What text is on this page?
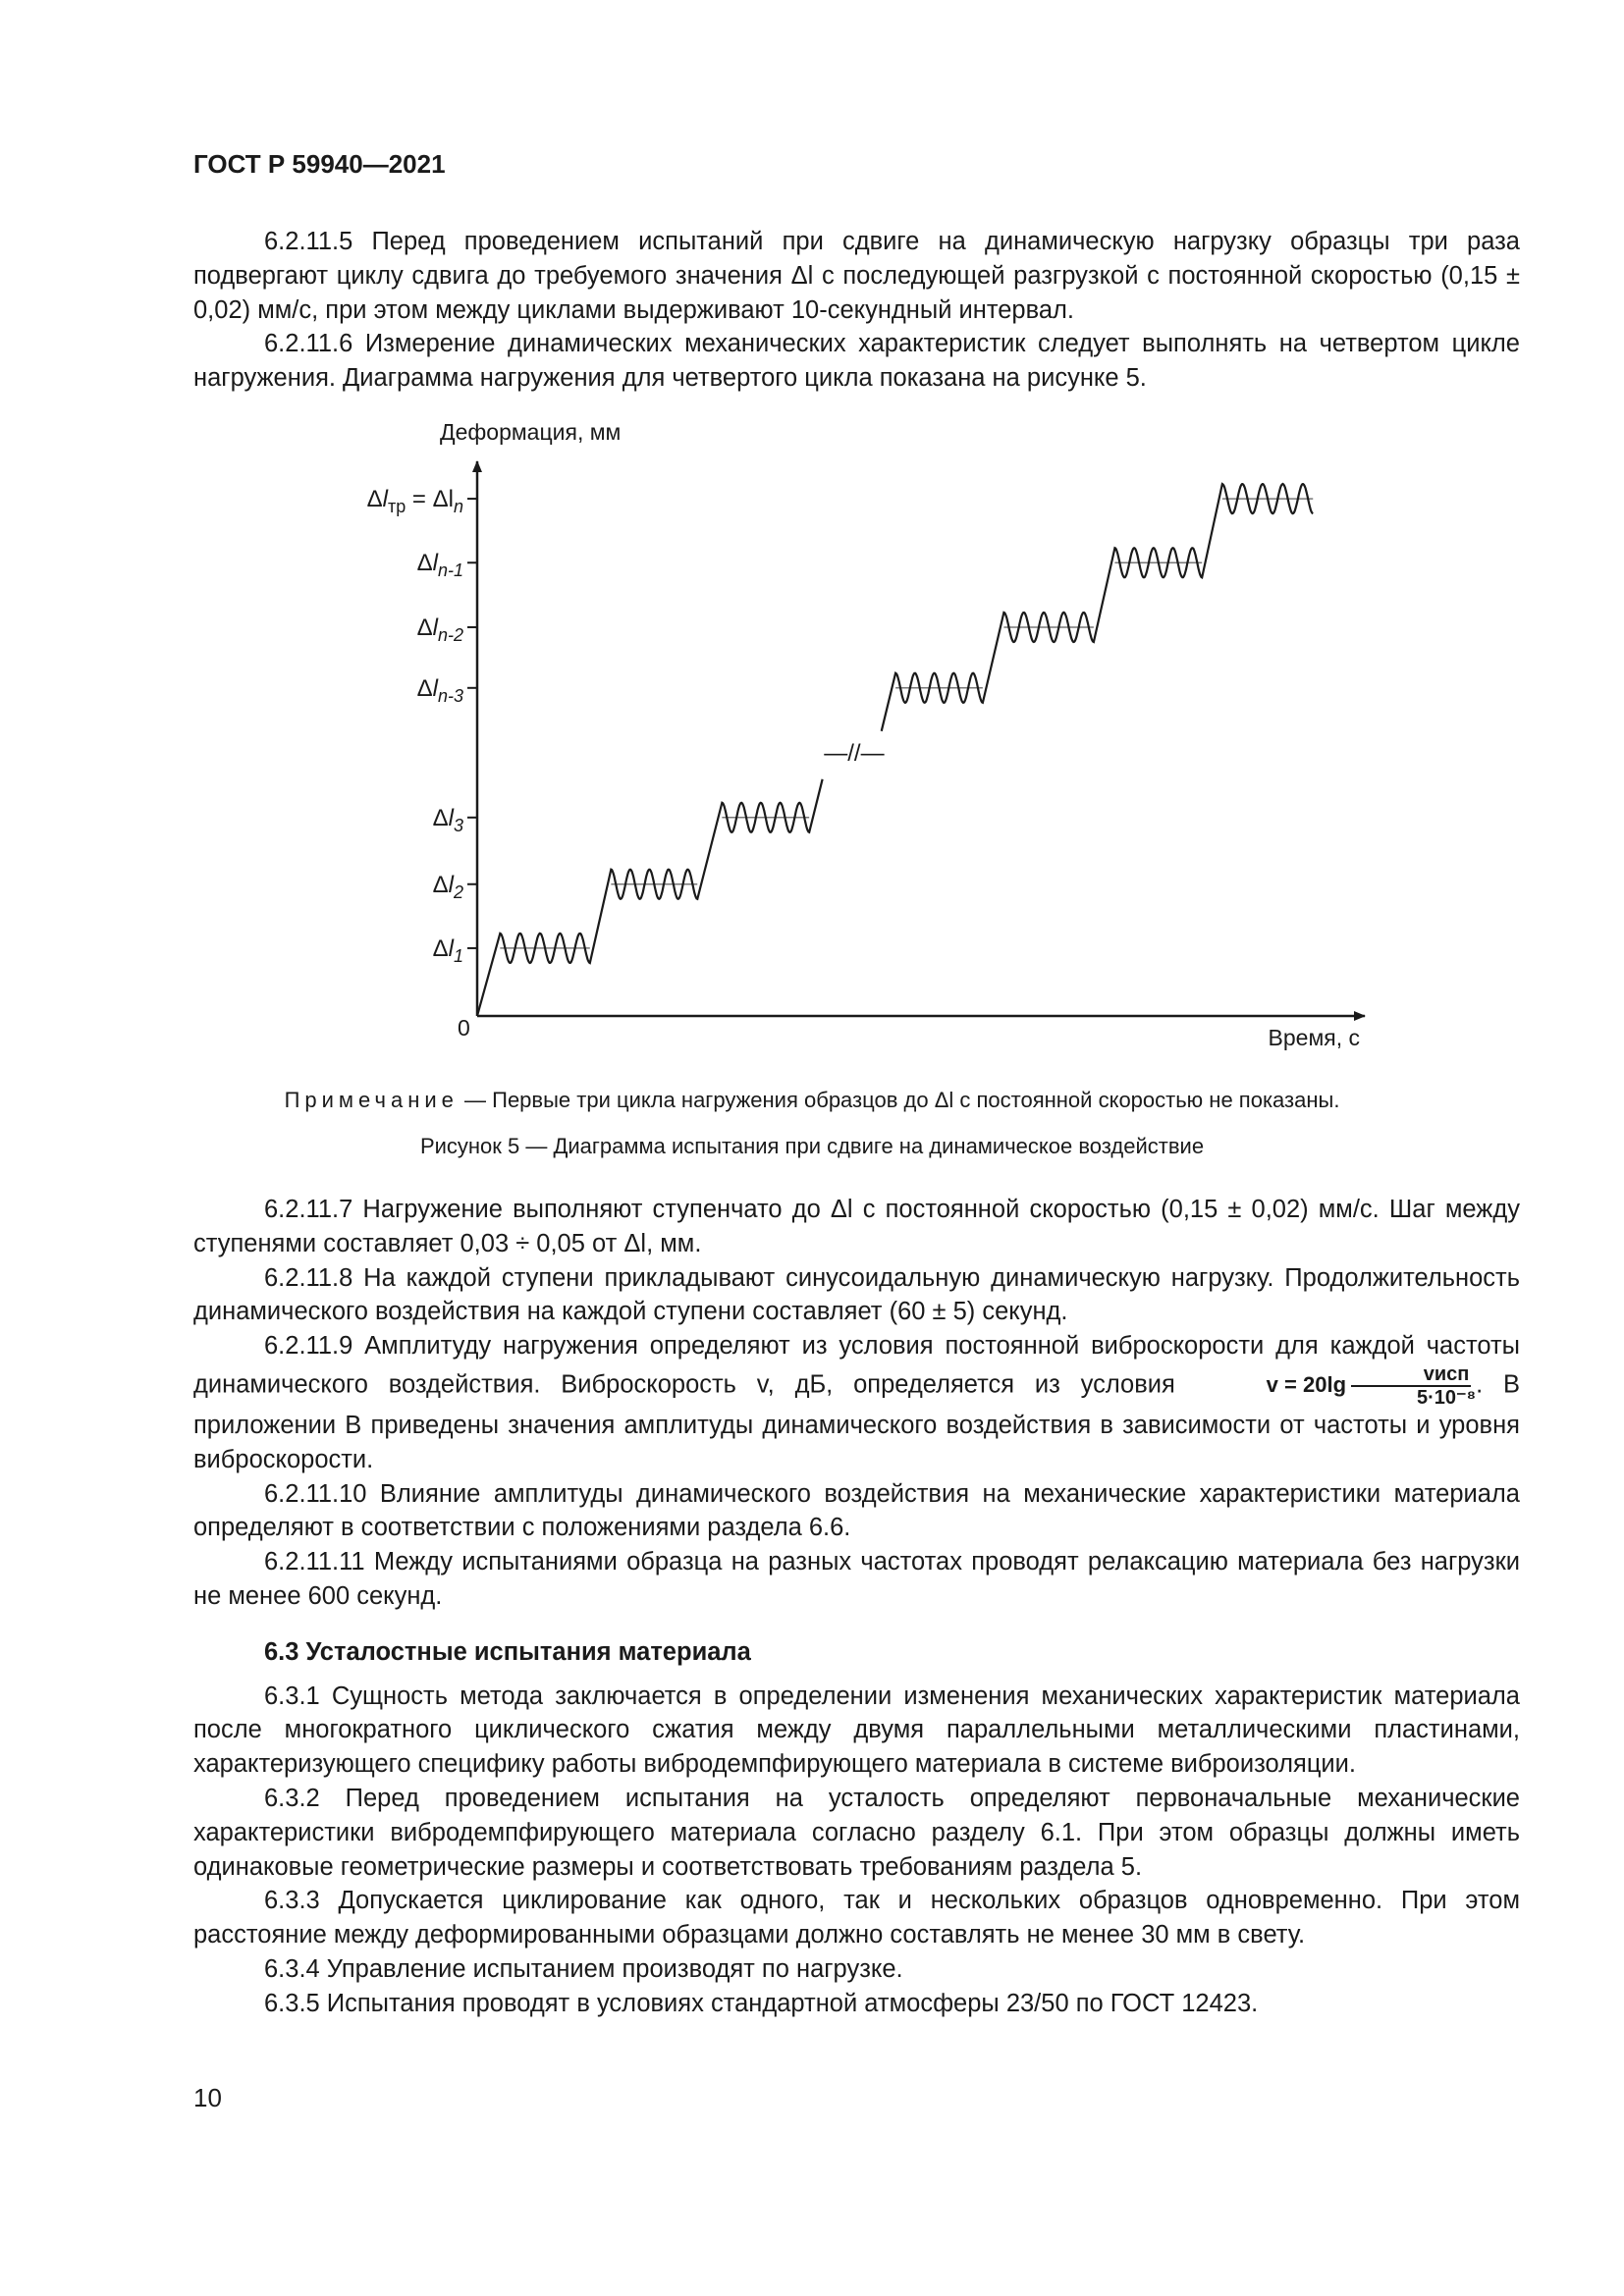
ГОСТ Р 59940—2021

6.2.11.5 Перед проведением испытаний при сдвиге на динамическую нагрузку образцы три раза подвергают циклу сдвига до требуемого значения Δl с последующей разгрузкой с постоянной скоростью (0,15 ± 0,02) мм/с, при этом между циклами выдерживают 10-секундный интервал.

6.2.11.6 Измерение динамических механических характеристик следует выполнять на четвертом цикле нагружения. Диаграмма нагружения для четвертого цикла показана на рисунке 5.

Деформация, мм
Время, с
0
$\Delta l_1$
$\Delta l_2$
$\Delta l_3$
$\Delta l_{n-3}$
$\Delta l_{n-2}$
$\Delta l_{n-1}$
$\Delta l_{тр} = \Delta l_n$
—//—
Примечание — Первые три цикла нагружения образцов до Δl с постоянной скоростью не показаны.
Рисунок 5 — Диаграмма испытания при сдвиге на динамическое воздействие

6.2.11.7 Нагружение выполняют ступенчато до Δl с постоянной скоростью (0,15 ± 0,02) мм/с. Шаг между ступенями составляет 0,03 ÷ 0,05 от Δl, мм.

6.2.11.8 На каждой ступени прикладывают синусоидальную динамическую нагрузку. Продолжительность динамического воздействия на каждой ступени составляет (60 ± 5) секунд.

6.2.11.9 Амплитуду нагружения определяют из условия постоянной виброскорости для каждой частоты динамического воздействия. Виброскорость v, дБ, определяется из условия	$v = 20\lg \frac{\text{vисп}}{\text{5·10⁻⁸}}$ . В приложении В приведены значения амплитуды динамического воздействия в зависимости от частоты и уровня виброскорости.

6.2.11.10 Влияние амплитуды динамического воздействия на механические характеристики материала определяют в соответствии с положениями раздела 6.6.

6.2.11.11 Между испытаниями образца на разных частотах проводят релаксацию материала без нагрузки не менее 600 секунд.

6.3 Усталостные испытания материала

6.3.1 Сущность метода заключается в определении изменения механических характеристик материала после многократного циклического сжатия между двумя параллельными металлическими пластинами, характеризующего специфику работы вибродемпфирующего материала в системе виброизоляции.

6.3.2 Перед проведением испытания на усталость определяют первоначальные механические характеристики вибродемпфирующего материала согласно разделу 6.1. При этом образцы должны иметь одинаковые геометрические размеры и соответствовать требованиям раздела 5.

6.3.3 Допускается циклирование как одного, так и нескольких образцов одновременно. При этом расстояние между деформированными образцами должно составлять не менее 30 мм в свету.

6.3.4 Управление испытанием производят по нагрузке.

6.3.5 Испытания проводят в условиях стандартной атмосферы 23/50 по ГОСТ 12423.

10
